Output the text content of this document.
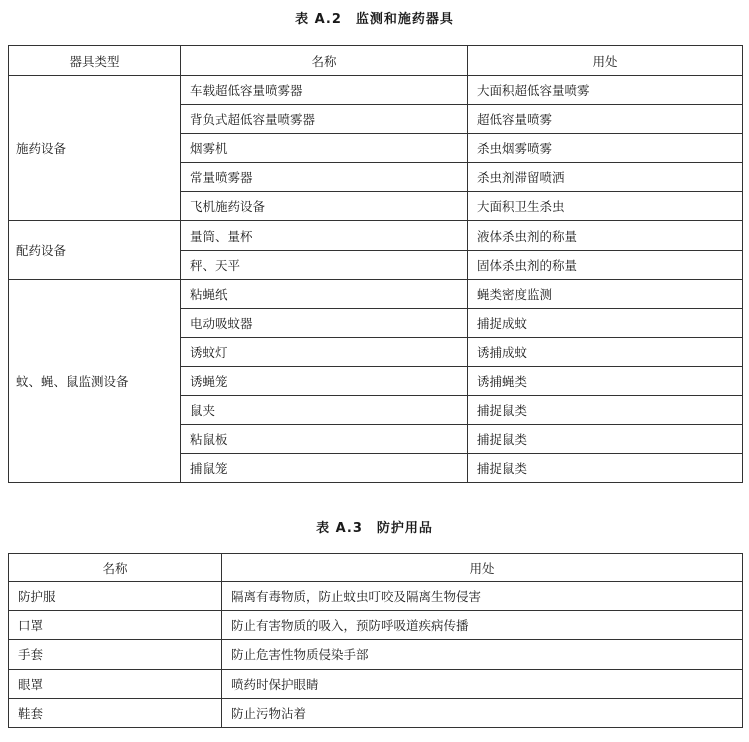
表 A.2　监测和施药器具
器具类型	名称	用处
施药设备	车载超低容量喷雾器	大面积超低容量喷雾
	背负式超低容量喷雾器	超低容量喷雾
	烟雾机	杀虫烟雾喷雾
	常量喷雾器	杀虫剂滞留喷洒
	飞机施药设备	大面积卫生杀虫
配药设备	量筒、量杯	液体杀虫剂的称量
	秤、天平	固体杀虫剂的称量
蚊、蝇、鼠监测设备	粘蝇纸	蝇类密度监测
	电动吸蚊器	捕捉成蚊
	诱蚊灯	诱捕成蚊
	诱蝇笼	诱捕蝇类
	鼠夹	捕捉鼠类
	粘鼠板	捕捉鼠类
	捕鼠笼	捕捉鼠类
表 A.3　防护用品
名称	用处
防护服	隔离有毒物质，防止蚊虫叮咬及隔离生物侵害
口罩	防止有害物质的吸入，预防呼吸道疾病传播
手套	防止危害性物质侵染手部
眼罩	喷药时保护眼睛
鞋套	防止污物沾着
